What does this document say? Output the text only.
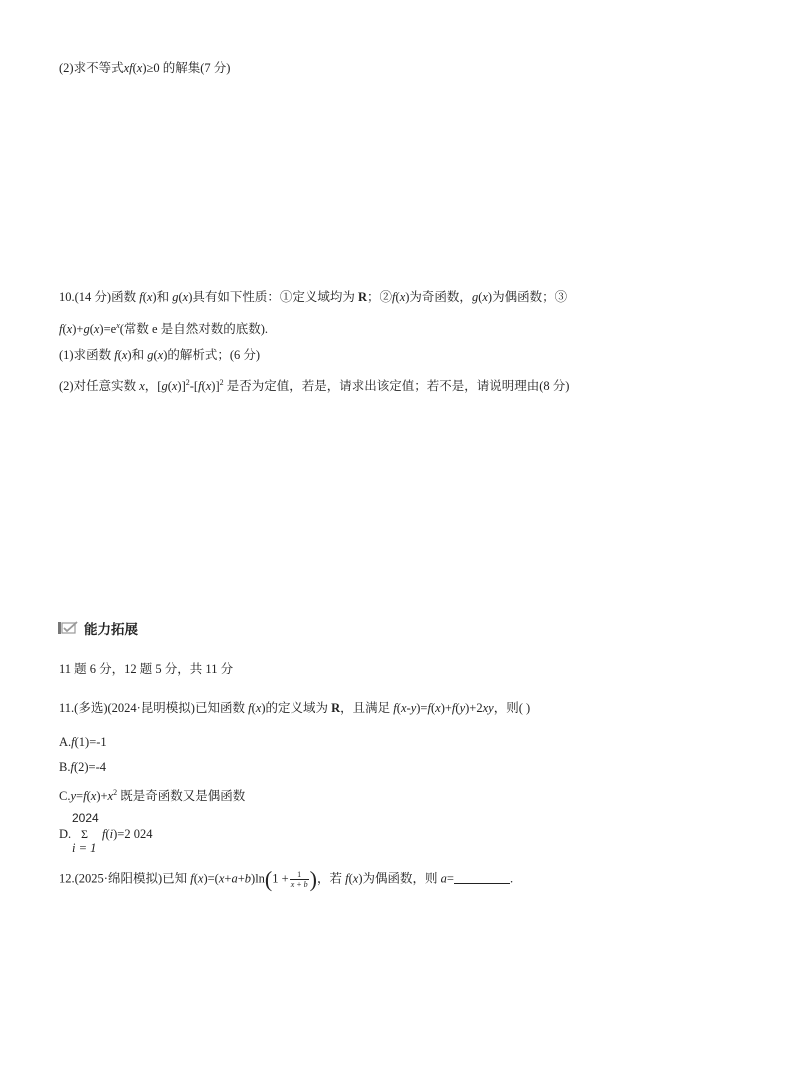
(2)求不等式xf(x)≥0 的解集(7 分)
10.(14 分)函数 f(x)和 g(x)具有如下性质：①定义域均为 R；②f(x)为奇函数，g(x)为偶函数；③
$f(x)+g(x)=e^x$(常数 e 是自然对数的底数).
(1)求函数 f(x)和 g(x)的解析式；(6 分)
(2)对任意实数 x，$[g(x)]^2-[f(x)]^2$ 是否为定值，若是，请求出该定值；若不是，请说明理由(8 分)
能力拓展
11 题 6 分，12 题 5 分，共 11 分
11.(多选)(2024·昆明模拟)已知函数 f(x)的定义域为 R，且满足 f(x-y)=f(x)+f(y)+2xy，则( )
A.f(1)=-1
B.f(2)=-4
$C.y=f(x)+x^2$ 既是奇函数又是偶函数
2024
D. Σ
i = 1
f(i)=2 024
12.(2025·绵阳模拟)已知 $f(x)=(x+a+b)\ln(1 + \frac{1}{x + b}$ )，若 f(x)为偶函数，则 a=	.
